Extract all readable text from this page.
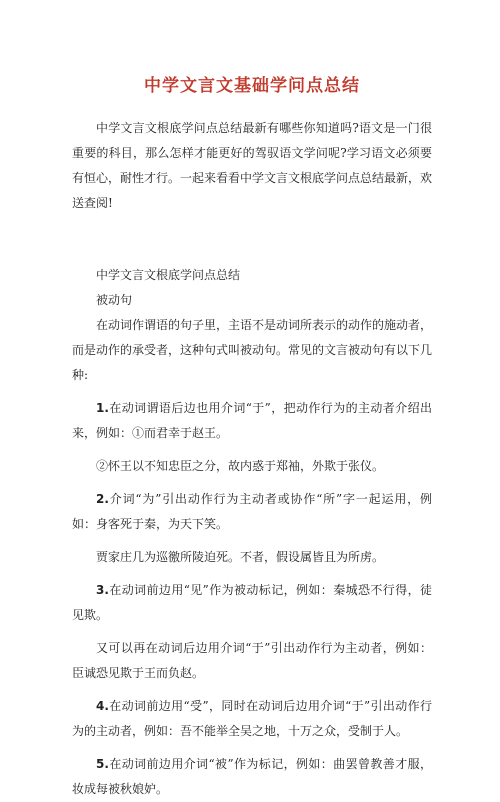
中学文言文基础学问点总结

中学文言文根底学问点总结最新有哪些你知道吗?语文是一门很重要的科目，那么怎样才能更好的驾驭语文学问呢?学习语文必须要有恒心，耐性才行。一起来看看中学文言文根底学问点总结最新，欢送查阅!

中学文言文根底学问点总结

被动句

在动词作谓语的句子里，主语不是动词所表示的动作的施动者，而是动作的承受者，这种句式叫被动句。常见的文言被动句有以下几种:

1.在动词谓语后边也用介词“于”，把动作行为的主动者介绍出来，例如：①而君幸于赵王。

②怀王以不知忠臣之分，故内惑于郑袖，外欺于张仪。

2.介词“为”引出动作行为主动者或协作“所”字一起运用，例如：身客死于秦，为天下笑。

贾家庄几为巡徼所陵迫死。不者，假设属皆且为所虏。

3.在动词前边用“见”作为被动标记，例如：秦城恐不行得，徒见欺。

又可以再在动词后边用介词“于”引出动作行为主动者，例如：臣诚恐见欺于王而负赵。

4.在动词前边用“受”，同时在动词后边用介词“于”引出动作行为的主动者，例如：吾不能举全吴之地，十万之众，受制于人。

5.在动词前边用介词“被”作为标记，例如：曲罢曾教善才服，妆成每被秋娘妒。
